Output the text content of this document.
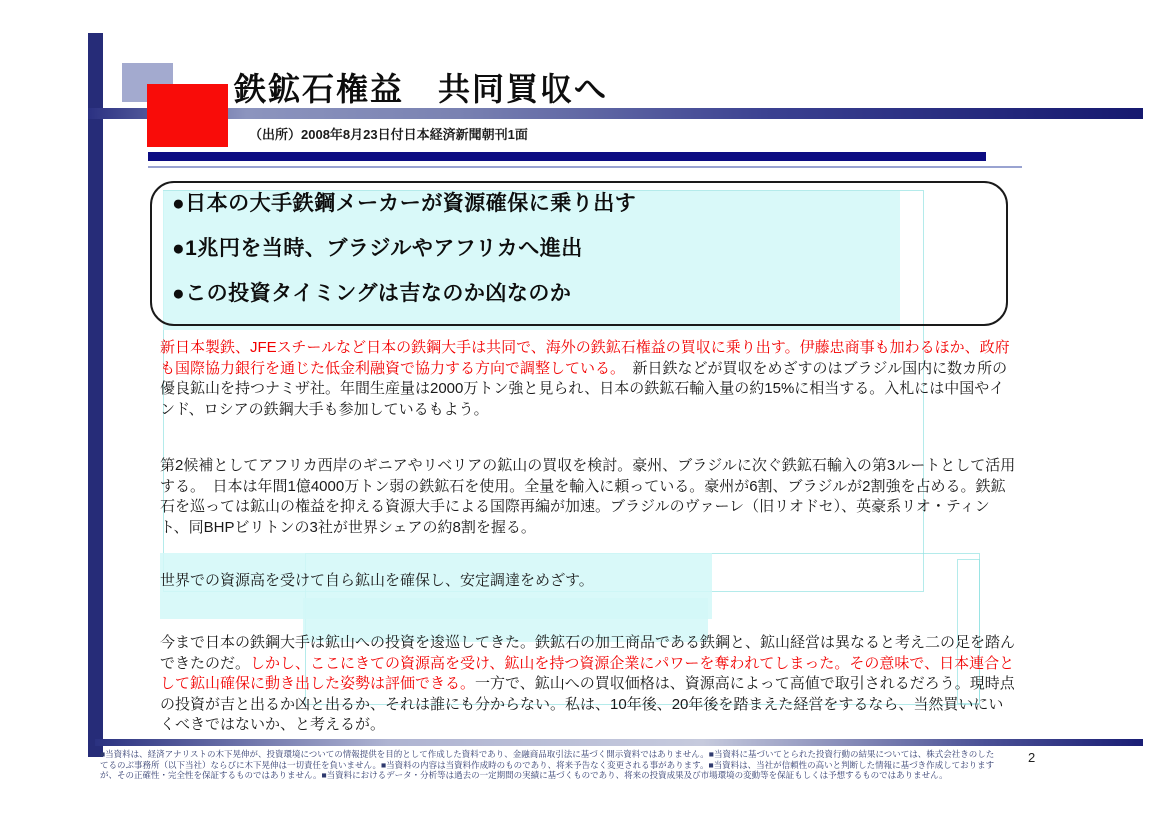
鉄鉱石権益　共同買収へ
（出所）2008年8月23日付日本経済新聞朝刊1面
●日本の大手鉄鋼メーカーが資源確保に乗り出す
●1兆円を当時、ブラジルやアフリカへ進出
●この投資タイミングは吉なのか凶なのか
新日本製鉄、JFEスチールなど日本の鉄鋼大手は共同で、海外の鉄鉱石権益の買収に乗り出す。伊藤忠商事も加わるほか、政府も国際協力銀行を通じた低金利融資で協力する方向で調整している。　新日鉄などが買収をめざすのはブラジル国内に数カ所の優良鉱山を持つナミザ社。年間生産量は2000万トン強と見られ、日本の鉄鉱石輸入量の約15%に相当する。入札には中国やインド、ロシアの鉄鋼大手も参加しているもよう。
第2候補としてアフリカ西岸のギニアやリベリアの鉱山の買収を検討。豪州、ブラジルに次ぐ鉄鉱石輸入の第3ルートとして活用する。　日本は年間1億4000万トン弱の鉄鉱石を使用。全量を輸入に頼っている。豪州が6割、ブラジルが2割強を占める。鉄鉱石を巡っては鉱山の権益を抑える資源大手による国際再編が加速。ブラジルのヴァーレ（旧リオドセ）、英豪系リオ・ティント、同BHPビリトンの3社が世界シェアの約8割を握る。
世界での資源高を受けて自ら鉱山を確保し、安定調達をめざす。
今まで日本の鉄鋼大手は鉱山への投資を逡巡してきた。鉄鉱石の加工商品である鉄鋼と、鉱山経営は異なると考え二の足を踏んできたのだ。しかし、ここにきての資源高を受け、鉱山を持つ資源企業にパワーを奪われてしまった。その意味で、日本連合として鉱山確保に動き出した姿勢は評価できる。一方で、鉱山への買収価格は、資源高によって高値で取引されるだろう。現時点の投資が吉と出るか凶と出るか、それは誰にも分からない。私は、10年後、20年後を踏まえた経営をするなら、当然買いにいくべきではないか、と考えるが。
■当資料は、経済アナリストの木下晃伸が、投資環境についての情報提供を目的として作成した資料であり、金融商品取引法に基づく開示資料ではありません。■当資料に基づいてとられた投資行動の結果については、株式会社きのした
てるのぶ事務所（以下当社）ならびに木下晃伸は一切責任を負いません。■当資料の内容は当資料作成時のものであり、将来予告なく変更される事があります。■当資料は、当社が信頼性の高いと判断した情報に基づき作成しております
が、その正確性・完全性を保証するものではありません。■当資料におけるデータ・分析等は過去の一定期間の実績に基づくものであり、将来の投資成果及び市場環境の変動等を保証もしくは予想するものではありません。
2
